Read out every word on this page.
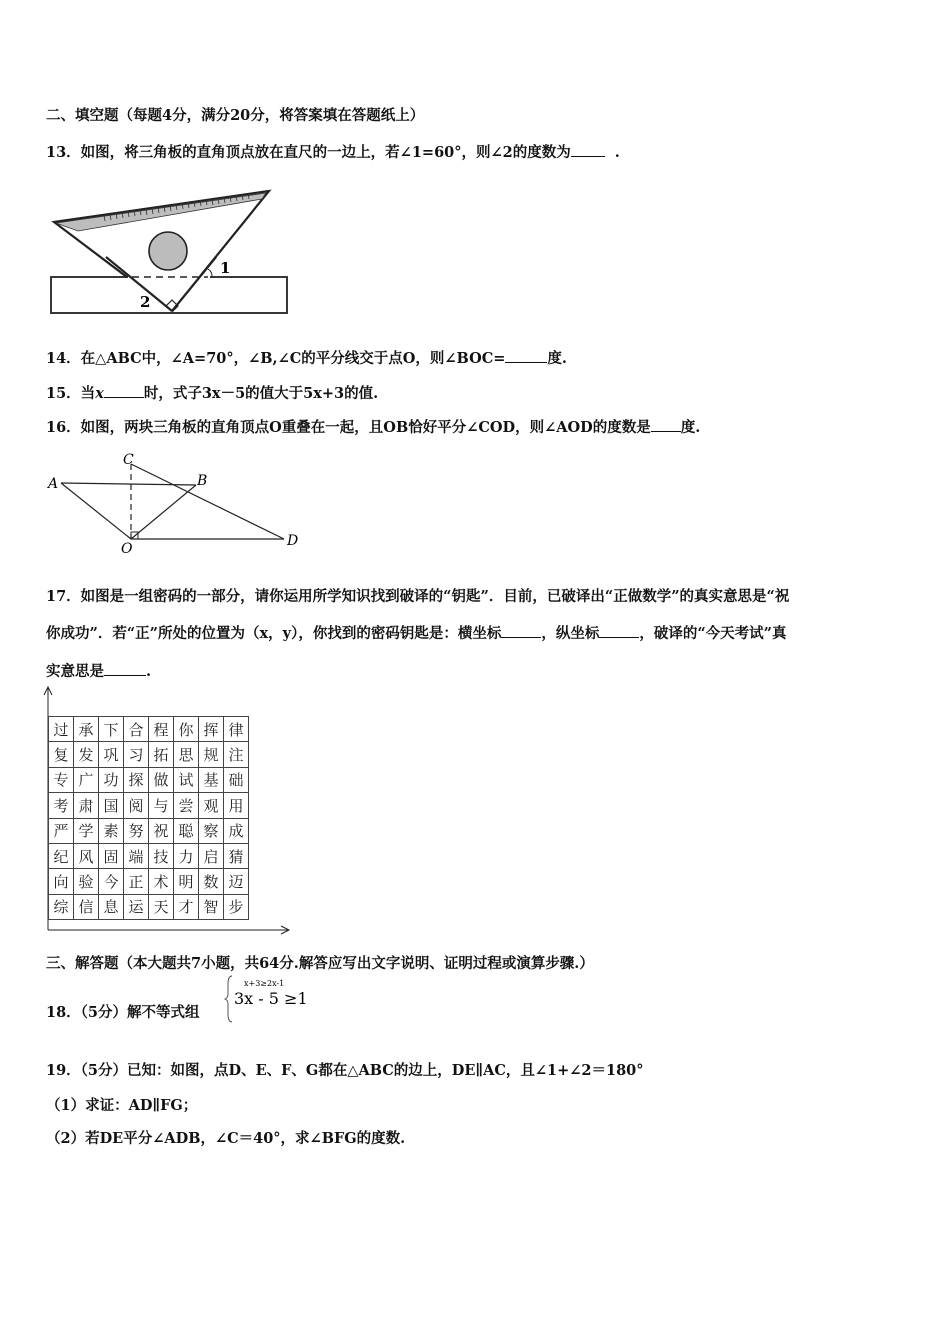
二、填空题（每题4分，满分20分，将答案填在答题纸上）
13．如图，将三角板的直角顶点放在直尺的一边上，若∠1=60°，则∠2的度数为	.
1
2
14．在△ABC中，∠A=70°，∠B,∠C的平分线交于点O，则∠BOC=	度.
15．当x	时，式子3x－5的值大于5x+3的值.
16．如图，两块三角板的直角顶点O重叠在一起，且OB恰好平分∠COD，则∠AOD的度数是 度.
A	B
C
D
O
17．如图是一组密码的一部分，请你运用所学知识找到破译的“钥匙”．目前，已破译出“正做数学”的真实意思是“祝
你成功”．若“正”所处的位置为（x，y），你找到的密码钥匙是：横坐标	，纵坐标	，破译的“今天考试”真
实意思是	.
过	承	下	合	程	你	挥	律
复	发	巩	习	拓	思	规	注
专	广	功	探	做	试	基	础
考	肃	国	阅	与	尝	观	用
严	学	素	努	祝	聪	察	成
纪	风	固	端	技	力	启	猜
向	验	今	正	术	明	数	迈
综	信	息	运	天	才	智	步
三、解答题（本大题共7小题，共64分.解答应写出文字说明、证明过程或演算步骤.）
18．（5分）解不等式组
x+3≥2x-1
3x - 5 ≥1
19．（5分）已知：如图，点D、E、F、G都在△ABC的边上，DE∥AC，且∠1+∠2＝180°
（1）求证：AD∥FG；
（2）若DE平分∠ADB，∠C＝40°，求∠BFG的度数.
